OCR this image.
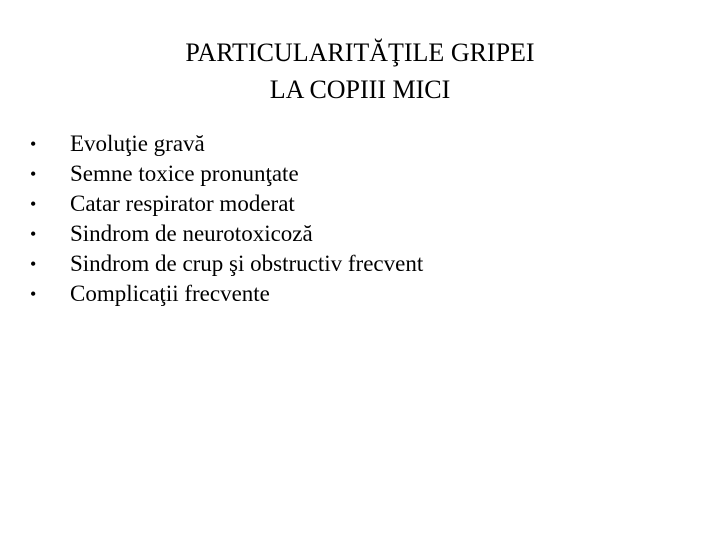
PARTICULARITĂŢILE GRIPEI
LA COPIII MICI
•	Evoluţie gravă
•	Semne toxice pronunţate
•	Catar respirator moderat
•	Sindrom de neurotoxicoză
•	Sindrom de crup şi obstructiv frecvent
•	Complicaţii frecvente
